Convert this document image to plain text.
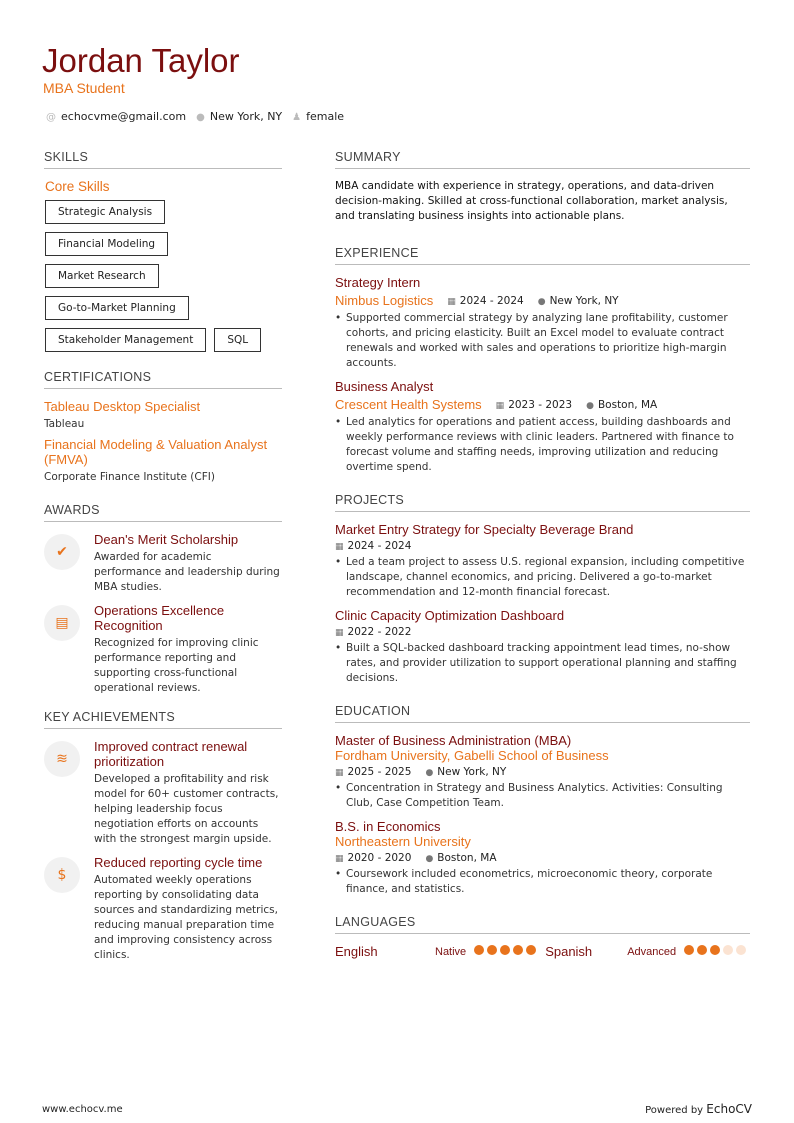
Jordan Taylor
MBA Student
@ echocvme@gmail.com ● New York, NY ♟ female
SKILLS
Core Skills
Strategic Analysis
Financial Modeling
Market Research
Go-to-Market Planning
Stakeholder Management	SQL
CERTIFICATIONS
Tableau Desktop Specialist
Tableau
Financial Modeling & Valuation Analyst (FMVA)
Corporate Finance Institute (CFI)
AWARDS
✔
Dean's Merit Scholarship
Awarded for academic performance and leadership during MBA studies.
▤
Operations Excellence Recognition
Recognized for improving clinic performance reporting and supporting cross-functional operational reviews.
KEY ACHIEVEMENTS
≋
Improved contract renewal prioritization
Developed a profitability and risk model for 60+ customer contracts, helping leadership focus negotiation efforts on accounts with the strongest margin upside.
$
Reduced reporting cycle time
Automated weekly operations reporting by consolidating data sources and standardizing metrics, reducing manual preparation time and improving consistency across clinics.
SUMMARY
MBA candidate with experience in strategy, operations, and data-driven decision-making. Skilled at cross-functional collaboration, market analysis, and translating business insights into actionable plans.
EXPERIENCE
Strategy Intern
Nimbus Logistics ▦ 2024 - 2024 ● New York, NY
• Supported commercial strategy by analyzing lane profitability, customer cohorts, and pricing elasticity. Built an Excel model to evaluate contract renewals and worked with sales and operations to prioritize high-margin accounts.
Business Analyst
Crescent Health Systems ▦ 2023 - 2023 ● Boston, MA
• Led analytics for operations and patient access, building dashboards and weekly performance reviews with clinic leaders. Partnered with finance to forecast volume and staffing needs, improving utilization and reducing overtime spend.
PROJECTS
Market Entry Strategy for Specialty Beverage Brand
▦ 2024 - 2024
• Led a team project to assess U.S. regional expansion, including competitive landscape, channel economics, and pricing. Delivered a go-to-market recommendation and 12-month financial forecast.
Clinic Capacity Optimization Dashboard
▦ 2022 - 2022
• Built a SQL-backed dashboard tracking appointment lead times, no-show rates, and provider utilization to support operational planning and staffing decisions.
EDUCATION
Master of Business Administration (MBA)
Fordham University, Gabelli School of Business
▦ 2025 - 2025 ● New York, NY
• Concentration in Strategy and Business Analytics. Activities: Consulting Club, Case Competition Team.
B.S. in Economics
Northeastern University
▦ 2020 - 2020 ● Boston, MA
• Coursework included econometrics, microeconomic theory, corporate finance, and statistics.
LANGUAGES
English	Native	Spanish	Advanced
www.echocv.me	Powered by EchoCV
